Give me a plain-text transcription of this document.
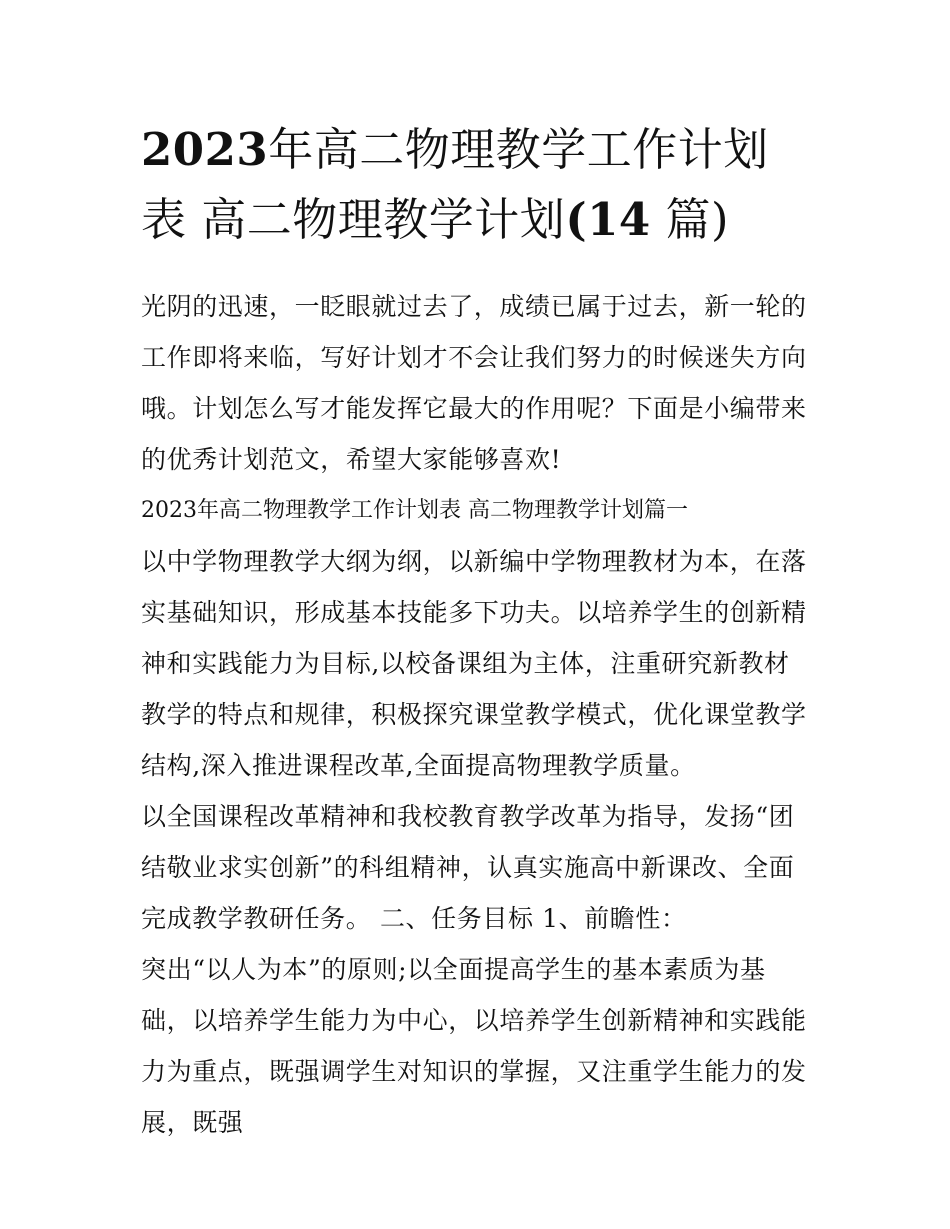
2023年高二物理教学工作计划
表 高二物理教学计划(14 篇)

光阴的迅速，一眨眼就过去了，成绩已属于过去，新一轮的工作即将来临，写好计划才不会让我们努力的时候迷失方向哦。计划怎么写才能发挥它最大的作用呢？下面是小编带来的优秀计划范文，希望大家能够喜欢!

2023年高二物理教学工作计划表 高二物理教学计划篇一

以中学物理教学大纲为纲，以新编中学物理教材为本，在落实基础知识，形成基本技能多下功夫。以培养学生的创新精神和实践能力为目标,以校备课组为主体，注重研究新教材教学的特点和规律，积极探究课堂教学模式，优化课堂教学结构,深入推进课程改革,全面提高物理教学质量。

以全国课程改革精神和我校教育教学改革为指导，发扬“团结敬业求实创新”的科组精神，认真实施高中新课改、全面完成教学教研任务。 二、任务目标 1、前瞻性：

突出“以人为本”的原则;以全面提高学生的基本素质为基础，以培养学生能力为中心，以培养学生创新精神和实践能力为重点，既强调学生对知识的掌握，又注重学生能力的发展，既强
